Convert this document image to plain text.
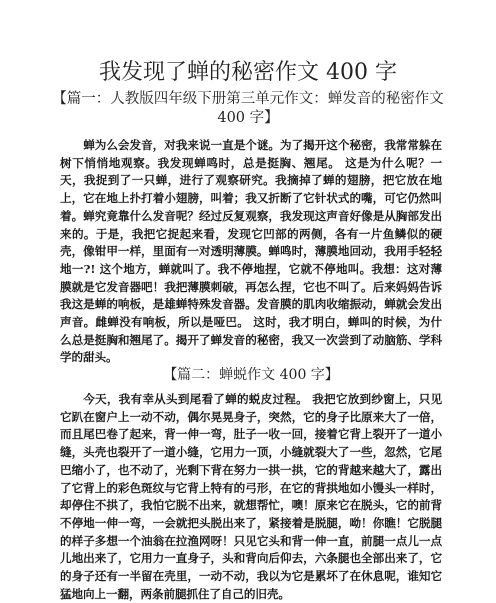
我发现了蝉的秘密作文 400 字
【篇一：人教版四年级下册第三单元作文：蝉发音的秘密作文 400 字】
蝉为么会发音，对我来说一直是个谜。为了揭开这个秘密，我常常躲在树下悄悄地观察。我发现蝉鸣时，总是挺胸、翘尾。 这是为什么呢？一天，我捉到了一只蝉，进行了观察研究。我摘掉了蝉的翅膀，把它放在地上，它在地上扑打着小翅膀，叫着；我又折断了它针状式的嘴，可它仍然叫着。蝉究竟靠什么发音呢？经过反复观察，我发现这声音好像是从胸部发出来的。于是，我把它捉起来看，发现它凹部的两侧，各有一片鱼鳞似的硬壳，像钳甲一样，里面有一对透明薄膜。蝉鸣时，薄膜地回动，我用手轻轻地一?! 这个地方，蝉就叫了。我不停地捏，它就不停地叫。我想：这对薄膜就是它发音器吧！我把薄膜刺破，再怎么捏，它也不叫了。后来妈妈告诉我这是蝉的响板，是雄蝉特殊发音器。发音膜的肌肉收缩振动，蝉就会发出声音。雌蝉没有响板，所以是哑巴。 这时，我才明白，蝉叫的时候，为什么总是挺胸和翘尾了。揭开了蝉发音的秘密，我又一次尝到了动脑筋、学科学的甜头。
【篇二：蝉蜕作文 400 字】
今天，我有幸从头到尾看了蝉的蜕皮过程。 我把它放到纱窗上，只见它趴在窗户上一动不动，偶尔晃晃身子，突然，它的身子比原来大了一倍，而且尾巴卷了起来，背一伸一弯，肚子一收一回，接着它背上裂开了一道小缝，头壳也裂开了一道小缝，它用力一顶，小缝就裂大了一些，忽然，它尾巴缩小了，也不动了，光剩下背在努力一拱一拱，它的背越来越大了，露出了它背上的彩色斑纹与它背上特有的弓形，在它的背拱地如小馒头一样时，却停住不拱了，我怕它脱不出来，就想帮忙，噢！原来它在脱头，它的前背不停地一伸一弯，一会就把头脱出来了，紧接着是脱腿，呦！你瞧！它脱腿的样子多想一个油翁在拉渔网呀！只见它头和背一伸一直，前腿一点儿一点儿地出来了，它用力一直身子，头和背向后仰去，六条腿也全部出来了，它的身子还有一半留在壳里，一动不动，我以为它是累坏了在休息呢，谁知它猛地向上一翻，两条前腿抓住了自己的旧壳。
